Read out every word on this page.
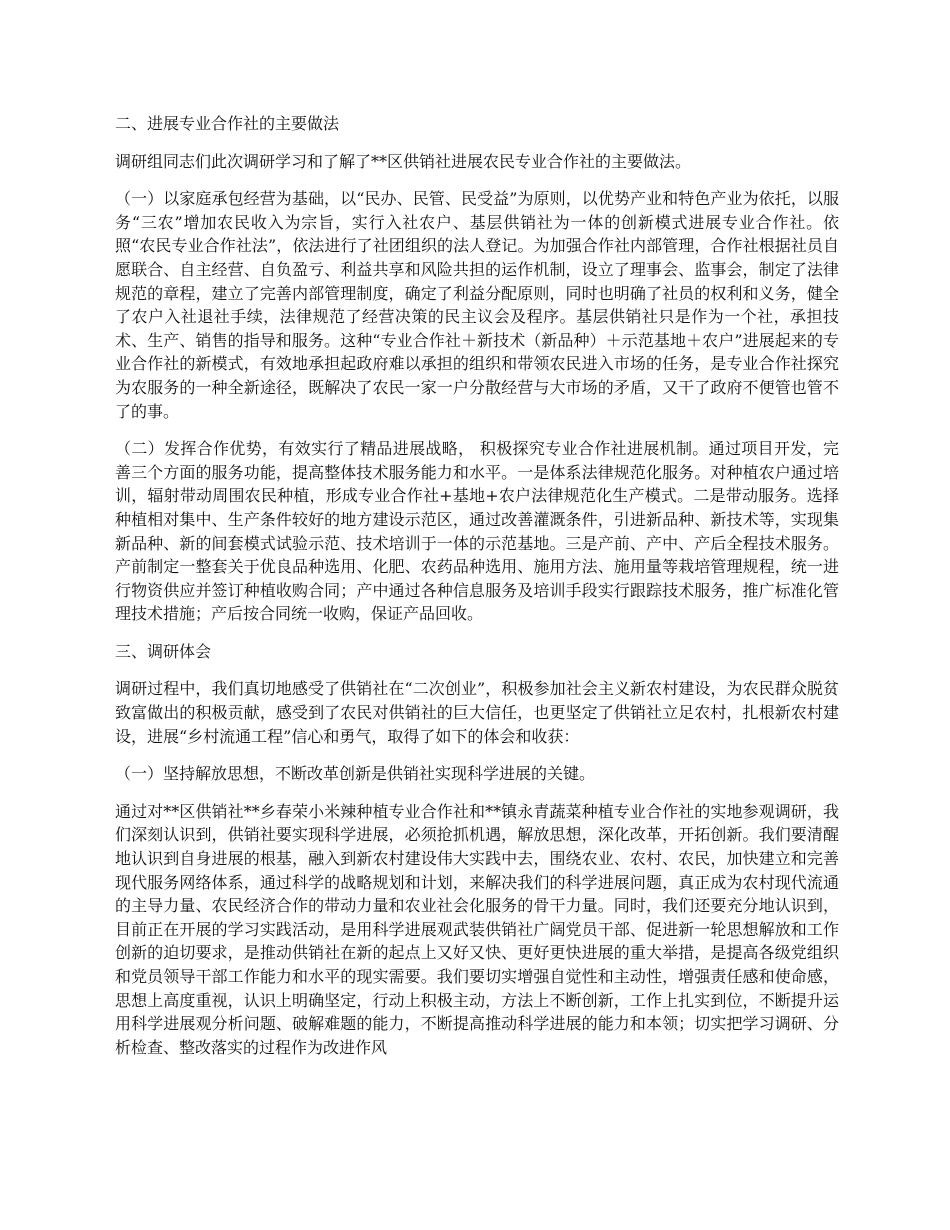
二、进展专业合作社的主要做法

调研组同志们此次调研学习和了解了**区供销社进展农民专业合作社的主要做法。

（一）以家庭承包经营为基础，以“民办、民管、民受益”为原则，以优势产业和特色产业为依托，以服务“三农”增加农民收入为宗旨，实行入社农户、基层供销社为一体的创新模式进展专业合作社。依照“农民专业合作社法”，依法进行了社团组织的法人登记。为加强合作社内部管理，合作社根据社员自愿联合、自主经营、自负盈亏、利益共享和风险共担的运作机制，设立了理事会、监事会，制定了法律规范的章程，建立了完善内部管理制度，确定了利益分配原则，同时也明确了社员的权利和义务，健全了农户入社退社手续，法律规范了经营决策的民主议会及程序。基层供销社只是作为一个社，承担技术、生产、销售的指导和服务。这种“专业合作社＋新技术（新品种）＋示范基地＋农户”进展起来的专业合作社的新模式，有效地承担起政府难以承担的组织和带领农民进入市场的任务，是专业合作社探究为农服务的一种全新途径，既解决了农民一家一户分散经营与大市场的矛盾，又干了政府不便管也管不了的事。

（二）发挥合作优势，有效实行了精品进展战略， 积极探究专业合作社进展机制。通过项目开发，完善三个方面的服务功能，提高整体技术服务能力和水平。一是体系法律规范化服务。对种植农户通过培训，辐射带动周围农民种植，形成专业合作社+基地+农户法律规范化生产模式。二是带动服务。选择种植相对集中、生产条件较好的地方建设示范区，通过改善灌溉条件，引进新品种、新技术等，实现集新品种、新的间套模式试验示范、技术培训于一体的示范基地。三是产前、产中、产后全程技术服务。产前制定一整套关于优良品种选用、化肥、农药品种选用、施用方法、施用量等栽培管理规程，统一进行物资供应并签订种植收购合同；产中通过各种信息服务及培训手段实行跟踪技术服务，推广标准化管理技术措施；产后按合同统一收购，保证产品回收。

三、调研体会

调研过程中，我们真切地感受了供销社在“二次创业”，积极参加社会主义新农村建设，为农民群众脱贫致富做出的积极贡献，感受到了农民对供销社的巨大信任，也更坚定了供销社立足农村，扎根新农村建设，进展“乡村流通工程”信心和勇气，取得了如下的体会和收获：

（一）坚持解放思想，不断改革创新是供销社实现科学进展的关键。

通过对**区供销社**乡春荣小米辣种植专业合作社和**镇永青蔬菜种植专业合作社的实地参观调研，我们深刻认识到，供销社要实现科学进展，必须抢抓机遇，解放思想，深化改革，开拓创新。我们要清醒地认识到自身进展的根基，融入到新农村建设伟大实践中去，围绕农业、农村、农民，加快建立和完善现代服务网络体系，通过科学的战略规划和计划，来解决我们的科学进展问题，真正成为农村现代流通的主导力量、农民经济合作的带动力量和农业社会化服务的骨干力量。同时，我们还要充分地认识到，目前正在开展的学习实践活动，是用科学进展观武装供销社广阔党员干部、促进新一轮思想解放和工作创新的迫切要求，是推动供销社在新的起点上又好又快、更好更快进展的重大举措，是提高各级党组织和党员领导干部工作能力和水平的现实需要。我们要切实增强自觉性和主动性，增强责任感和使命感，思想上高度重视，认识上明确坚定，行动上积极主动，方法上不断创新，工作上扎实到位，不断提升运用科学进展观分析问题、破解难题的能力，不断提高推动科学进展的能力和本领；切实把学习调研、分析检查、整改落实的过程作为改进作风
